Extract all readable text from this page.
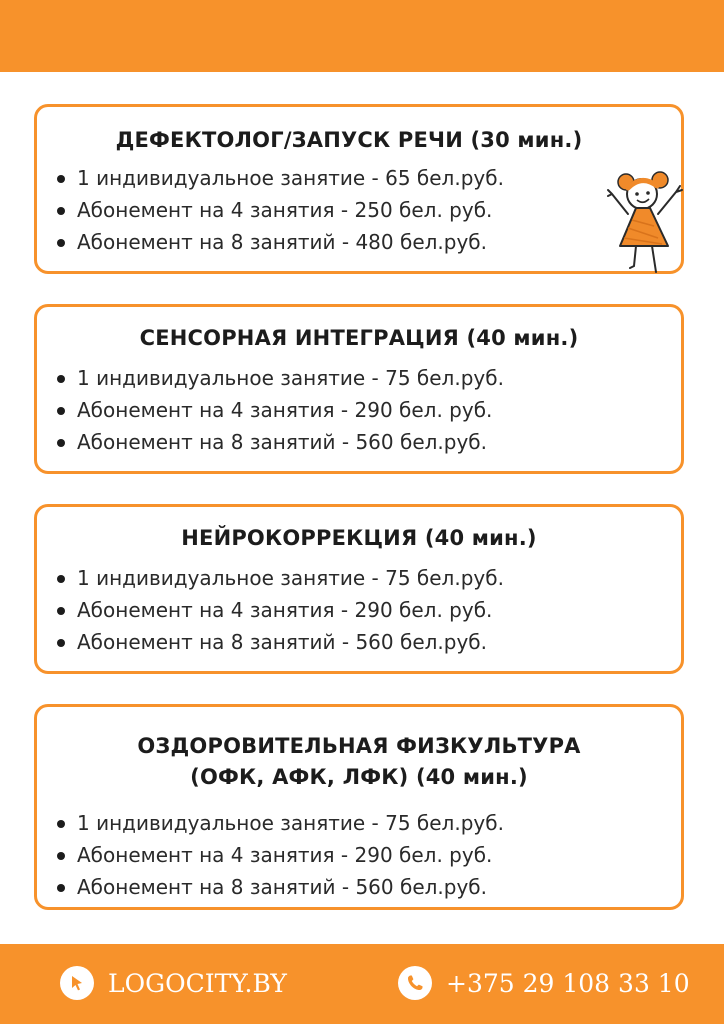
ДЕФЕКТОЛОГ/ЗАПУСК РЕЧИ (30 мин.)
1 индивидуальное занятие - 65 бел.руб.
Абонемент на 4 занятия - 250 бел. руб.
Абонемент на 8 занятий - 480 бел.руб.
СЕНСОРНАЯ ИНТЕГРАЦИЯ (40 мин.)
1 индивидуальное занятие - 75 бел.руб.
Абонемент на 4 занятия - 290 бел. руб.
Абонемент на 8 занятий - 560 бел.руб.
НЕЙРОКОРРЕКЦИЯ (40 мин.)
1 индивидуальное занятие - 75 бел.руб.
Абонемент на 4 занятия - 290 бел. руб.
Абонемент на 8 занятий - 560 бел.руб.
ОЗДОРОВИТЕЛЬНАЯ ФИЗКУЛЬТУРА
(ОФК, АФК, ЛФК) (40 мин.)
1 индивидуальное занятие - 75 бел.руб.
Абонемент на 4 занятия - 290 бел. руб.
Абонемент на 8 занятий - 560 бел.руб.
LOGOCITY.BY	+375 29 108 33 10
